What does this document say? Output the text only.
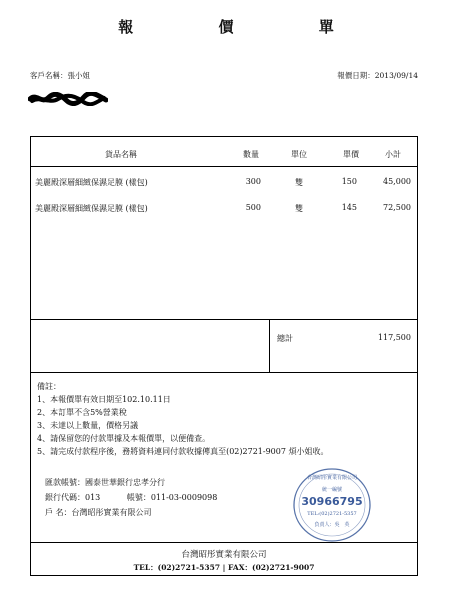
報 價 單
客戶名稱：張小姐	報價日期：2013/09/14
貨品名稱	數量	單位	單價	小計
美麗殿深層細緻保濕足膜 (樣包)	300	雙	150	45,000
美麗殿深層細緻保濕足膜 (樣包)	500	雙	145	72,500
總計	117,500
備註：
1、本報價單有效日期至102.10.11日
2、本訂單不含5%營業稅
3、未達以上數量，價格另議
4、請保留您的付款單據及本報價單，以便備查。
5、請完成付款程序後，務將資料連同付款收據傳真至(02)2721-9007 煩小姐收。
匯款帳號：國泰世華銀行忠孝分行
銀行代碼：013	帳號：011-03-0009098
戶 名：台灣昭彤實業有限公司
台灣昭彤實業有限公司
TEL：(02)2721-5357 | FAX：(02)2721-9007
台灣昭彤實業有限公司
統一編號
30966795
TEL:(02)2721-5357
負責人：吳　英
